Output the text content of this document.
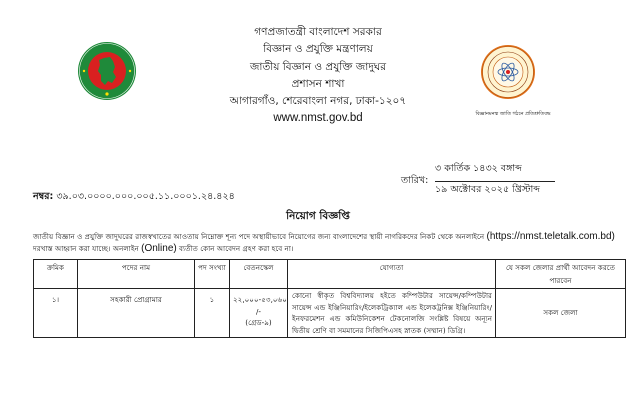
বিজ্ঞানমনস্ক জাতি গঠনে প্রতিশ্রুতিবদ্ধ
গণপ্রজাতন্ত্রী বাংলাদেশ সরকার
বিজ্ঞান ও প্রযুক্তি মন্ত্রণালয়
জাতীয় বিজ্ঞান ও প্রযুক্তি জাদুঘর
প্রশাসন শাখা
আগারগাঁও, শেরেবাংলা নগর, ঢাকা-১২০৭
www.nmst.gov.bd
তারিখ:
৩ কার্তিক ১৪৩২ বঙ্গাব্দ
১৯ অক্টোবর ২০২৫ খ্রিস্টাব্দ
নম্বর: ৩৯.০৩.০০০০.০০০.০০৫.১১.০০০১.২৪.৪২৪
নিয়োগ বিজ্ঞপ্তি
জাতীয় বিজ্ঞান ও প্রযুক্তি জাদুঘরের রাজস্বখাতের আওতায় নিম্নোক্ত শূন্য পদে অস্থায়ীভাবে নিয়োগের জন্য বাংলাদেশের স্থায়ী নাগরিকদের নিকট থেকে অনলাইনে (https://nmst.teletalk.com.bd) দরখাস্ত আহ্বান করা যাচ্ছে। অনলাইন (Online) ব্যতীত কোন আবেদন গ্রহণ করা হবে না।
ক্রমিক	পদের নাম	পদ সংখ্যা	বেতনস্কেল	যোগ্যতা	যে সকল জেলার প্রার্থী আবেদন করতে পারবেন
১।	সহকারী প্রোগ্রামার	১	২২,০০০-৫৩,০৬০ /-
(গ্রেড-৯)	কোনো স্বীকৃত বিশ্ববিদ্যালয় হইতে কম্পিউটার সায়েন্স/কম্পিউটার সায়েন্স এন্ড ইঞ্জিনিয়ারিং/ইলেকট্রিক্যাল এন্ড ইলেকট্রনিক্স ইঞ্জিনিয়ারিং/ইনফরমেশন এন্ড কমিউনিকেশন টেকনোলজি সংশ্লিষ্ট বিষয়ে অন্যূন দ্বিতীয় শ্রেণি বা সমমানের সিজিপিএসহ স্নাতক (সম্মান) ডিগ্রি।	সকল জেলা
